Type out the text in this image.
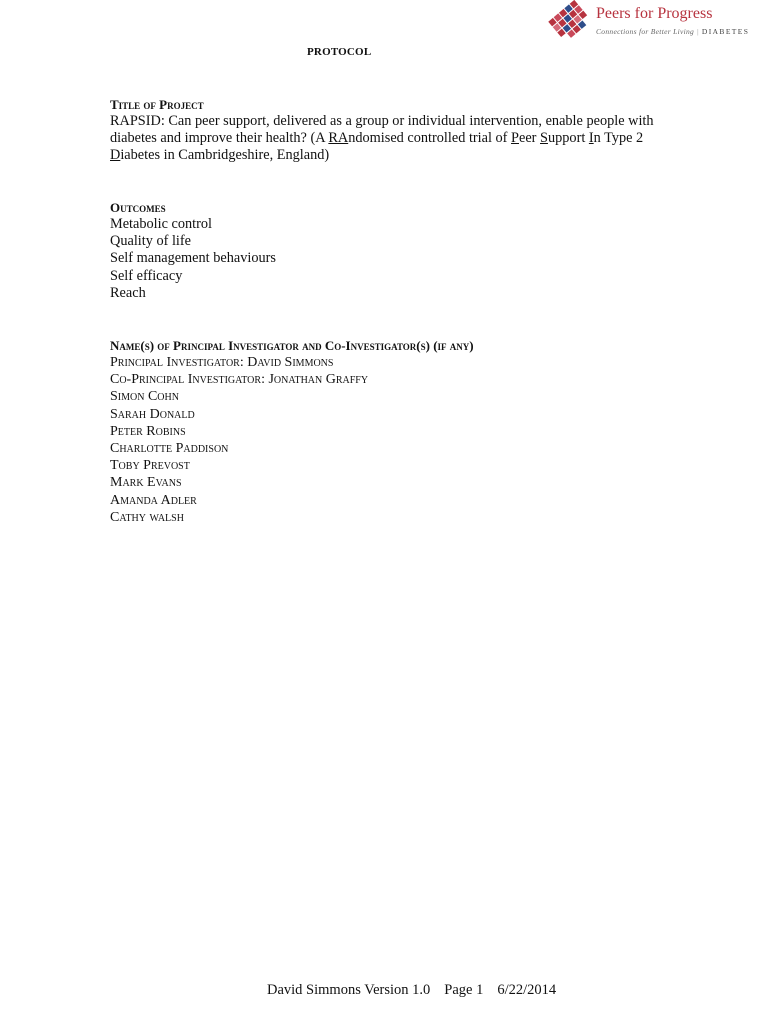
Peers for Progress
Connections for Better Living | DIABETES
PROTOCOL
Title of Project
RAPSID: Can peer support, delivered as a group or individual intervention, enable people with
diabetes and improve their health? (A RAndomised controlled trial of Peer Support In Type 2
Diabetes in Cambridgeshire, England)
Outcomes
Metabolic control
Quality of life
Self management behaviours
Self efficacy
Reach
Name(s) of Principal Investigator and Co-Investigator(s) (if any)
Principal Investigator: David Simmons
Co-Principal Investigator: Jonathan Graffy
Simon Cohn
Sarah Donald
Peter Robins
Charlotte Paddison
Toby Prevost
Mark Evans
Amanda Adler
Cathy walsh
David Simmons Version 1.0 Page 1 6/22/2014
